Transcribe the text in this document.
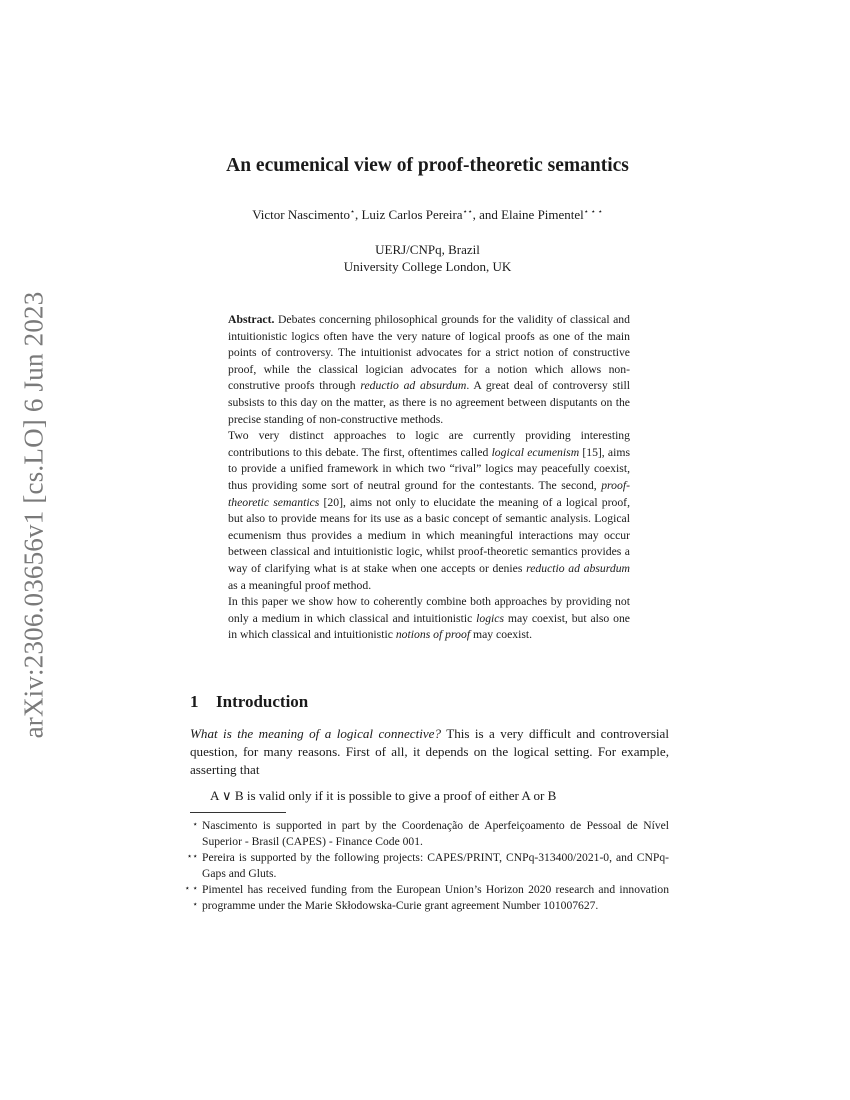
arXiv:2306.03656v1 [cs.LO] 6 Jun 2023
An ecumenical view of proof-theoretic semantics
Victor Nascimento⋆, Luiz Carlos Pereira⋆⋆, and Elaine Pimentel⋆ ⋆ ⋆
UERJ/CNPq, Brazil
University College London, UK

Abstract. Debates concerning philosophical grounds for the validity of classical and intuitionistic logics often have the very nature of logical proofs as one of the main points of controversy. The intuitionist advocates for a strict notion of constructive proof, while the classical logician advocates for a notion which allows non-construtive proofs through reductio ad absurdum. A great deal of controversy still subsists to this day on the matter, as there is no agreement between disputants on the precise standing of non-constructive methods.

Two very distinct approaches to logic are currently providing interesting contributions to this debate. The first, oftentimes called logical ecumenism [15], aims to provide a unified framework in which two “rival” logics may peacefully coexist, thus providing some sort of neutral ground for the contestants. The second, proof-theoretic semantics [20], aims not only to elucidate the meaning of a logical proof, but also to provide means for its use as a basic concept of semantic analysis. Logical ecumenism thus provides a medium in which meaningful interactions may occur between classical and intuitionistic logic, whilst proof-theoretic semantics provides a way of clarifying what is at stake when one accepts or denies reductio ad absurdum as a meaningful proof method.

In this paper we show how to coherently combine both approaches by providing not only a medium in which classical and intuitionistic logics may coexist, but also one in which classical and intuitionistic notions of proof may coexist.

1 Introduction

What is the meaning of a logical connective? This is a very difficult and controversial question, for many reasons. First of all, it depends on the logical setting. For example, asserting that

A ∨ B is valid only if it is possible to give a proof of either A or B
⋆ Nascimento is supported in part by the Coordenação de Aperfeiçoamento de Pessoal de Nível Superior - Brasil (CAPES) - Finance Code 001.
⋆⋆ Pereira is supported by the following projects: CAPES/PRINT, CNPq-313400/2021-0, and CNPq-Gaps and Gluts.
⋆ ⋆ ⋆
Pimentel has received funding from the European Union’s Horizon 2020 research and innovation programme under the Marie Skłodowska-Curie grant agreement Number 101007627.
